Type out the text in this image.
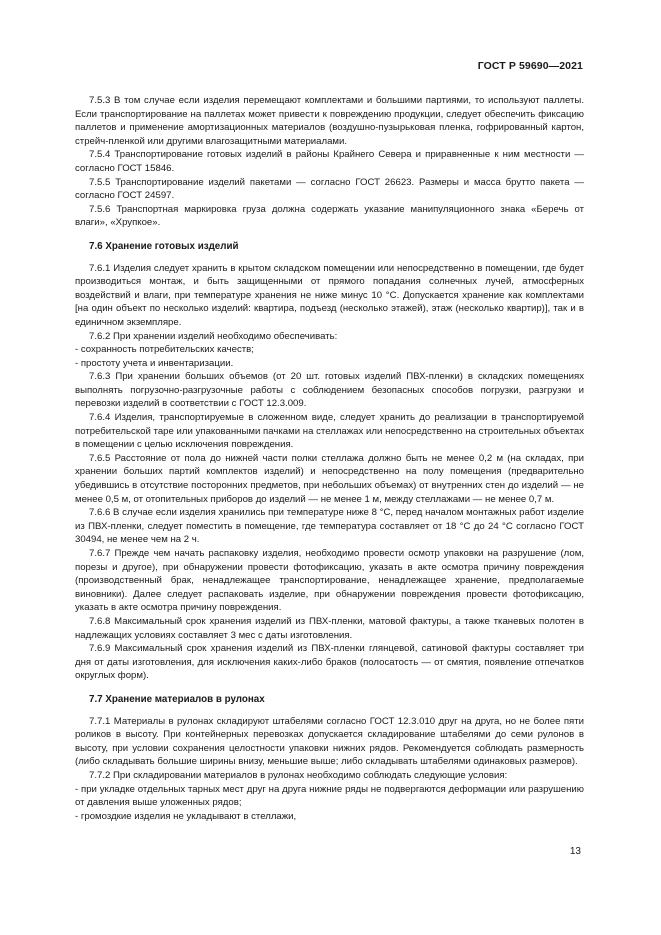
ГОСТ Р 59690—2021
7.5.3 В том случае если изделия перемещают комплектами и большими партиями, то используют паллеты. Если транспортирование на паллетах может привести к повреждению продукции, следует обеспечить фиксацию паллетов и применение амортизационных материалов (воздушно-пузырьковая пленка, гофрированный картон, стрейч-пленкой или другими влагозащитными материалами.
7.5.4 Транспортирование готовых изделий в районы Крайнего Севера и приравненные к ним местности — согласно ГОСТ 15846.
7.5.5 Транспортирование изделий пакетами — согласно ГОСТ 26623. Размеры и масса брутто пакета — согласно ГОСТ 24597.
7.5.6 Транспортная маркировка груза должна содержать указание манипуляционного знака «Беречь от влаги», «Хрупкое».
7.6 Хранение готовых изделий
7.6.1 Изделия следует хранить в крытом складском помещении или непосредственно в помещении, где будет производиться монтаж, и быть защищенными от прямого попадания солнечных лучей, атмосферных воздействий и влаги, при температуре хранения не ниже минус 10 °С. Допускается хранение как комплектами [на один объект по несколько изделий: квартира, подъезд (несколько этажей), этаж (несколько квартир)], так и в единичном экземпляре.
7.6.2 При хранении изделий необходимо обеспечивать:
- сохранность потребительских качеств;
- простоту учета и инвентаризации.
7.6.3 При хранении больших объемов (от 20 шт. готовых изделий ПВХ-пленки) в складских помещениях выполнять погрузочно-разгрузочные работы с соблюдением безопасных способов погрузки, разгрузки и перевозки изделий в соответствии с ГОСТ 12.3.009.
7.6.4 Изделия, транспортируемые в сложенном виде, следует хранить до реализации в транспортируемой потребительской таре или упакованными пачками на стеллажах или непосредственно на строительных объектах в помещении с целью исключения повреждения.
7.6.5 Расстояние от пола до нижней части полки стеллажа должно быть не менее 0,2 м (на складах, при хранении больших партий комплектов изделий) и непосредственно на полу помещения (предварительно убедившись в отсутствие посторонних предметов, при небольших объемах) от внутренних стен до изделий — не менее 0,5 м, от отопительных приборов до изделий — не менее 1 м, между стеллажами — не менее 0,7 м.
7.6.6 В случае если изделия хранились при температуре ниже 8 °С, перед началом монтажных работ изделие из ПВХ-пленки, следует поместить в помещение, где температура составляет от 18 °С до 24 °С согласно ГОСТ 30494, не менее чем на 2 ч.
7.6.7 Прежде чем начать распаковку изделия, необходимо провести осмотр упаковки на разрушение (лом, порезы и другое), при обнаружении провести фотофиксацию, указать в акте осмотра причину повреждения (производственный брак, ненадлежащее транспортирование, ненадлежащее хранение, предполагаемые виновники). Далее следует распаковать изделие, при обнаружении повреждения провести фотофиксацию, указать в акте осмотра причину повреждения.
7.6.8 Максимальный срок хранения изделий из ПВХ-пленки, матовой фактуры, а также тканевых полотен в надлежащих условиях составляет 3 мес с даты изготовления.
7.6.9 Максимальный срок хранения изделий из ПВХ-пленки глянцевой, сатиновой фактуры составляет три дня от даты изготовления, для исключения каких-либо браков (полосатость — от смятия, появление отпечатков округлых форм).
7.7 Хранение материалов в рулонах
7.7.1 Материалы в рулонах складируют штабелями согласно ГОСТ 12.3.010 друг на друга, но не более пяти роликов в высоту. При контейнерных перевозках допускается складирование штабелями до семи рулонов в высоту, при условии сохранения целостности упаковки нижних рядов. Рекомендуется соблюдать размерность (либо складывать большие ширины внизу, меньшие выше; либо складывать штабелями одинаковых размеров).
7.7.2 При складировании материалов в рулонах необходимо соблюдать следующие условия:
- при укладке отдельных тарных мест друг на друга нижние ряды не подвергаются деформации или разрушению от давления выше уложенных рядов;
- громоздкие изделия не укладывают в стеллажи,
13
